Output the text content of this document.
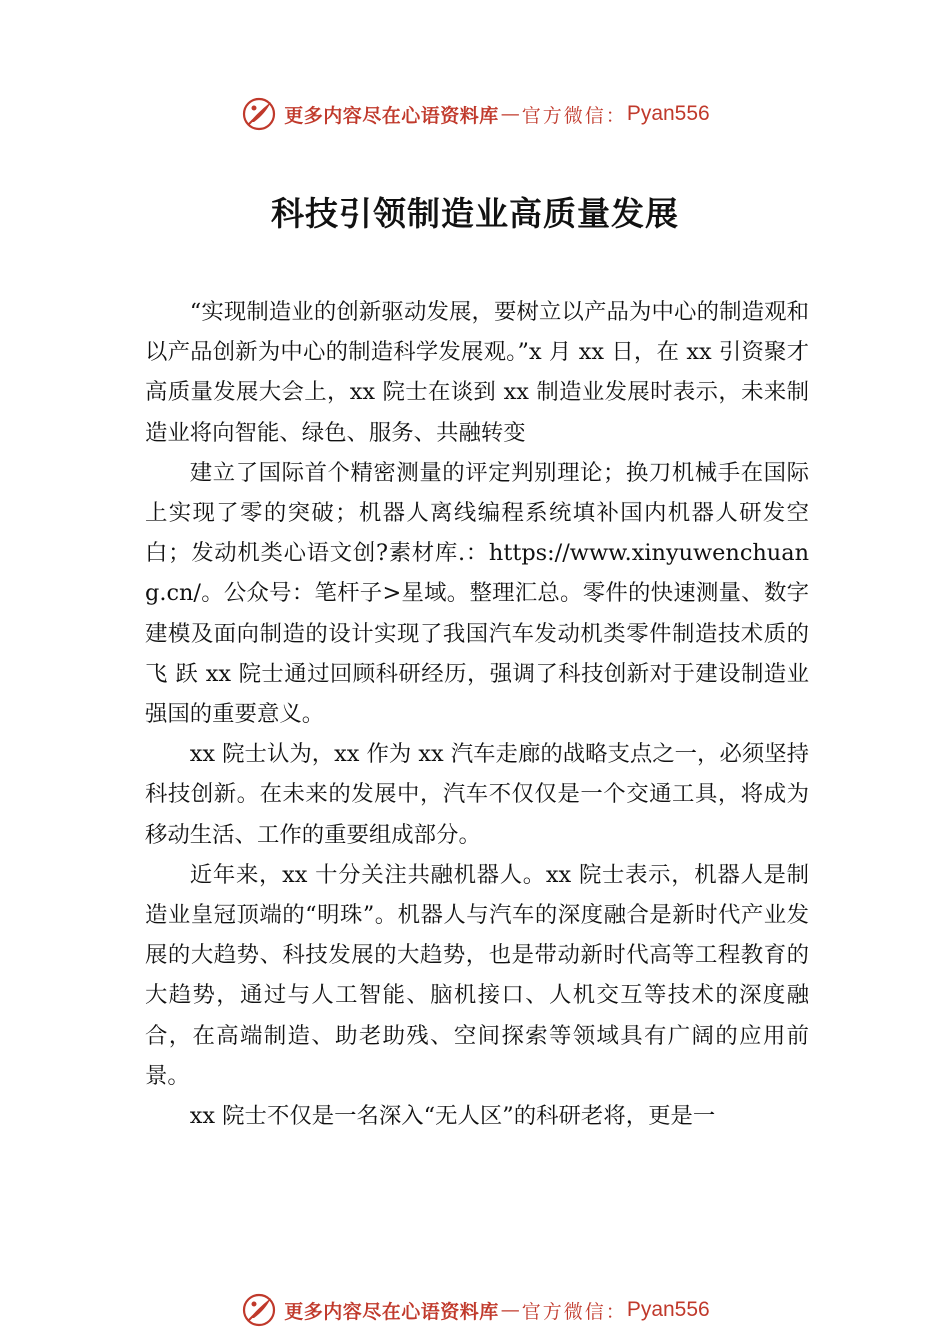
更多内容尽在心语资料库 — 官方微信： Pyan556
科技引领制造业高质量发展

“实现制造业的创新驱动发展，要树立以产品为中心的制造观和以产品创新为中心的制造科学发展观。”x 月 xx 日，在 xx 引资聚才高质量发展大会上，xx 院士在谈到 xx 制造业发展时表示，未来制造业将向智能、绿色、服务、共融转变

建立了国际首个精密测量的评定判别理论；换刀机械手在国际上实现了零的突破；机器人离线编程系统填补国内机器人研发空白；发动机类心语文创?素材库.：https://www.xinyuwenchuang.cn/。公众号：笔杆子>星域。整理汇总。零件的快速测量、数字建模及面向制造的设计实现了我国汽车发动机类零件制造技术质的飞 跃 xx 院士通过回顾科研经历，强调了科技创新对于建设制造业强国的重要意义。

xx 院士认为，xx 作为 xx 汽车走廊的战略支点之一，必须坚持科技创新。在未来的发展中，汽车不仅仅是一个交通工具，将成为移动生活、工作的重要组成部分。

近年来，xx 十分关注共融机器人。xx 院士表示，机器人是制造业皇冠顶端的“明珠”。机器人与汽车的深度融合是新时代产业发展的大趋势、科技发展的大趋势，也是带动新时代高等工程教育的大趋势，通过与人工智能、脑机接口、人机交互等技术的深度融合，在高端制造、助老助残、空间探索等领域具有广阔的应用前景。

xx 院士不仅是一名深入“无人区”的科研老将，更是一

更多内容尽在心语资料库 — 官方微信： Pyan556
